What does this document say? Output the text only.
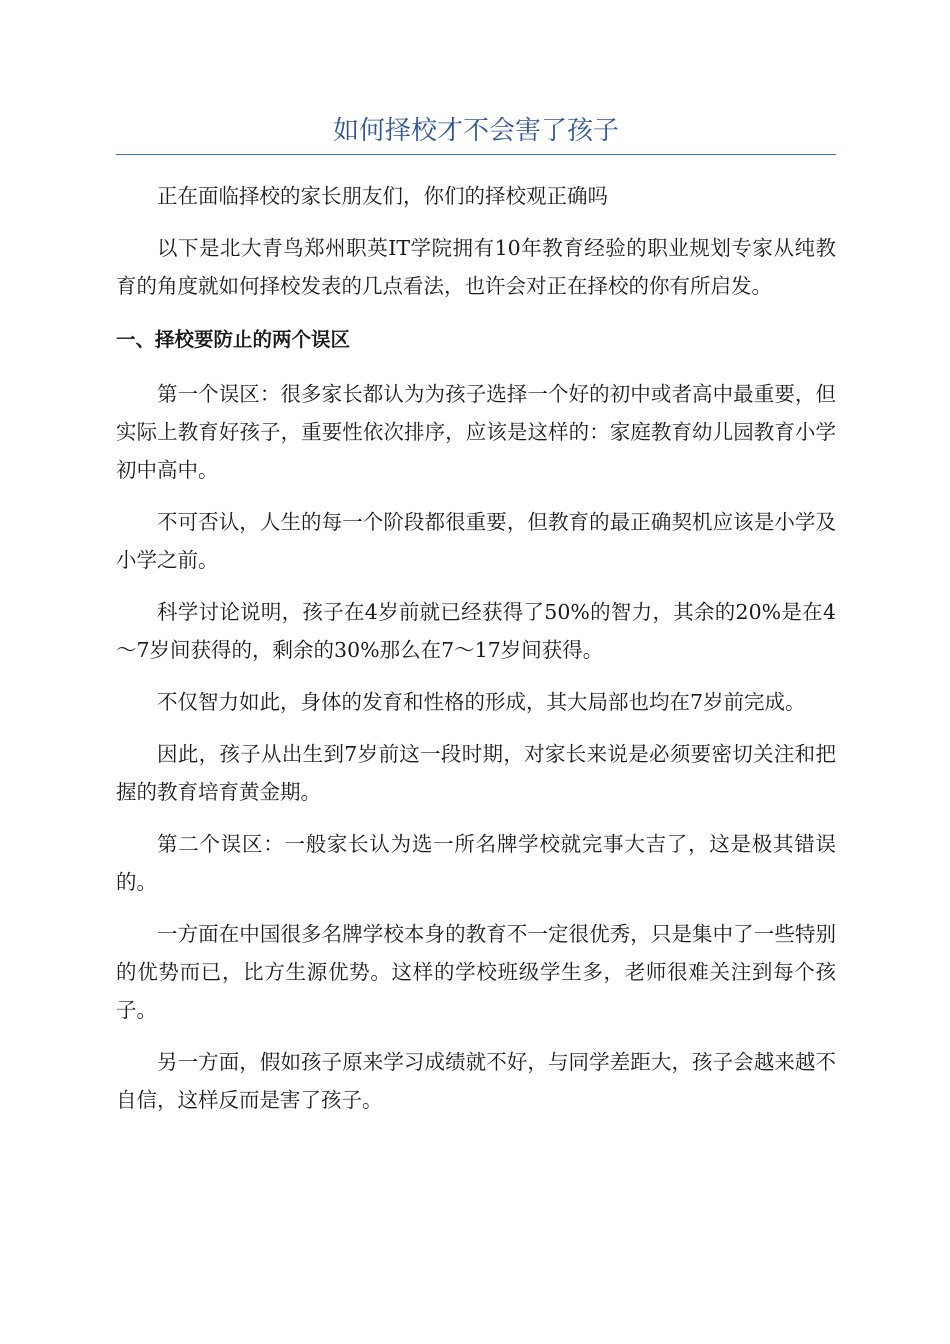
如何择校才不会害了孩子

正在面临择校的家长朋友们，你们的择校观正确吗

以下是北大青鸟郑州职英IT学院拥有10年教育经验的职业规划专家从纯教育的角度就如何择校发表的几点看法，也许会对正在择校的你有所启发。

一、择校要防止的两个误区

第一个误区：很多家长都认为为孩子选择一个好的初中或者高中最重要，但实际上教育好孩子，重要性依次排序，应该是这样的：家庭教育幼儿园教育小学初中高中。

不可否认，人生的每一个阶段都很重要，但教育的最正确契机应该是小学及小学之前。

科学讨论说明，孩子在4岁前就已经获得了50%的智力，其余的20%是在4～7岁间获得的，剩余的30%那么在7～17岁间获得。

不仅智力如此，身体的发育和性格的形成，其大局部也均在7岁前完成。

因此，孩子从出生到7岁前这一段时期，对家长来说是必须要密切关注和把握的教育培育黄金期。

第二个误区：一般家长认为选一所名牌学校就完事大吉了，这是极其错误的。

一方面在中国很多名牌学校本身的教育不一定很优秀，只是集中了一些特别的优势而已，比方生源优势。这样的学校班级学生多，老师很难关注到每个孩子。

另一方面，假如孩子原来学习成绩就不好，与同学差距大，孩子会越来越不自信，这样反而是害了孩子。
